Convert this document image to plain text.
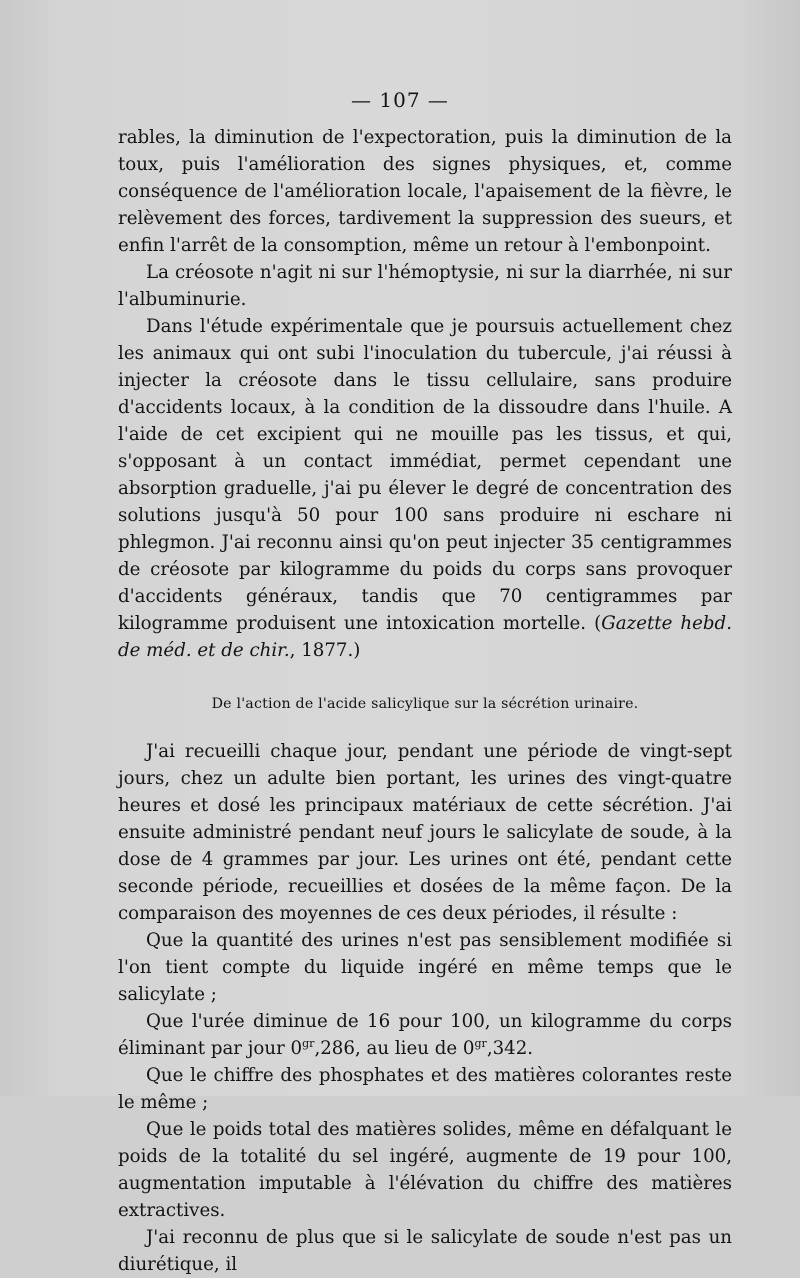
— 107 —

rables, la diminution de l'expectoration, puis la diminution de la toux, puis l'amélioration des signes physiques, et, comme conséquence de l'amélioration locale, l'apaisement de la fièvre, le relèvement des forces, tardivement la suppression des sueurs, et enfin l'arrêt de la consomption, même un retour à l'embonpoint.

La créosote n'agit ni sur l'hémoptysie, ni sur la diarrhée, ni sur l'albuminurie.

Dans l'étude expérimentale que je poursuis actuellement chez les animaux qui ont subi l'inoculation du tubercule, j'ai réussi à injecter la créosote dans le tissu cellulaire, sans produire d'accidents locaux, à la condition de la dissoudre dans l'huile. A l'aide de cet excipient qui ne mouille pas les tissus, et qui, s'opposant à un contact immédiat, permet cependant une absorption graduelle, j'ai pu élever le degré de concentration des solutions jusqu'à 50 pour 100 sans produire ni eschare ni phlegmon. J'ai reconnu ainsi qu'on peut injecter 35 centigrammes de créosote par kilogramme du poids du corps sans provoquer d'accidents généraux, tandis que 70 centigrammes par kilogramme produisent une intoxication mortelle. (Gazette hebd. de méd. et de chir., 1877.)

De l'action de l'acide salicylique sur la sécrétion urinaire.

J'ai recueilli chaque jour, pendant une période de vingt-sept jours, chez un adulte bien portant, les urines des vingt-quatre heures et dosé les principaux matériaux de cette sécrétion. J'ai ensuite administré pendant neuf jours le salicylate de soude, à la dose de 4 grammes par jour. Les urines ont été, pendant cette seconde période, recueillies et dosées de la même façon. De la comparaison des moyennes de ces deux périodes, il résulte :

Que la quantité des urines n'est pas sensiblement modifiée si l'on tient compte du liquide ingéré en même temps que le salicylate ;

Que l'urée diminue de 16 pour 100, un kilogramme du corps éliminant par jour $0^{gr},286$, au lieu de $0^{gr},342$.

Que le chiffre des phosphates et des matières colorantes reste le même ;

Que le poids total des matières solides, même en défalquant le poids de la totalité du sel ingéré, augmente de 19 pour 100, augmentation imputable à l'élévation du chiffre des matières extractives.

J'ai reconnu de plus que si le salicylate de soude n'est pas un diurétique, il
